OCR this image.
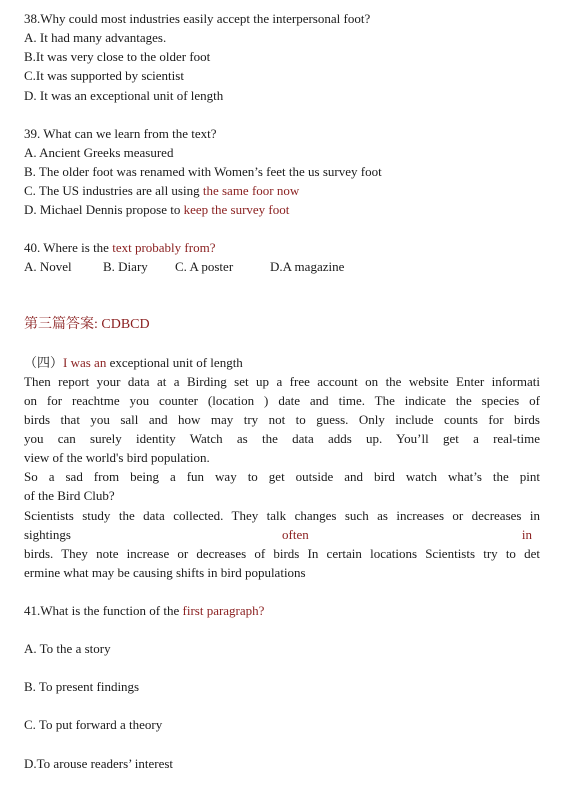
38.Why could most industries easily accept the interpersonal foot?
A. It had many advantages.
B.It was very close to the older foot
C.It was supported by scientist
D. It was an exceptional unit of length
39. What can we learn from the text?
A. Ancient Greeks measured
B. The older foot was renamed with Women’s feet the us survey foot
C. The US industries are all using the same foor now
D. Michael Dennis propose to keep the survey foot
40. Where is the text probably from?
A. Novel B. Diary C. A poster	D.A magazine
第三篇答案: CDBCD
（四）I was an exceptional unit of length
Then report your data at a Birding set up a free account on the website Enter informati
on for reachtme you counter (location ) date and time. The indicate the species of
birds that you sall and how may try not to guess. Only include counts for birds
you can surely identity Watch as the data adds up. You’ll get a real-time
view of the world's bird population.
So a sad from being a fun way to get outside and bird watch what’s the pint
of the Bird Club?
Scientists study the data collected. They talk changes such as increases or decreases in
sightings	often	in
birds. They note increase or decreases of birds In certain locations Scientists try to det
ermine what may be causing shifts in bird populations
41.What is the function of the first paragraph?
A. To the a story
B. To present findings
C. To put forward a theory
D.To arouse readers’ interest
